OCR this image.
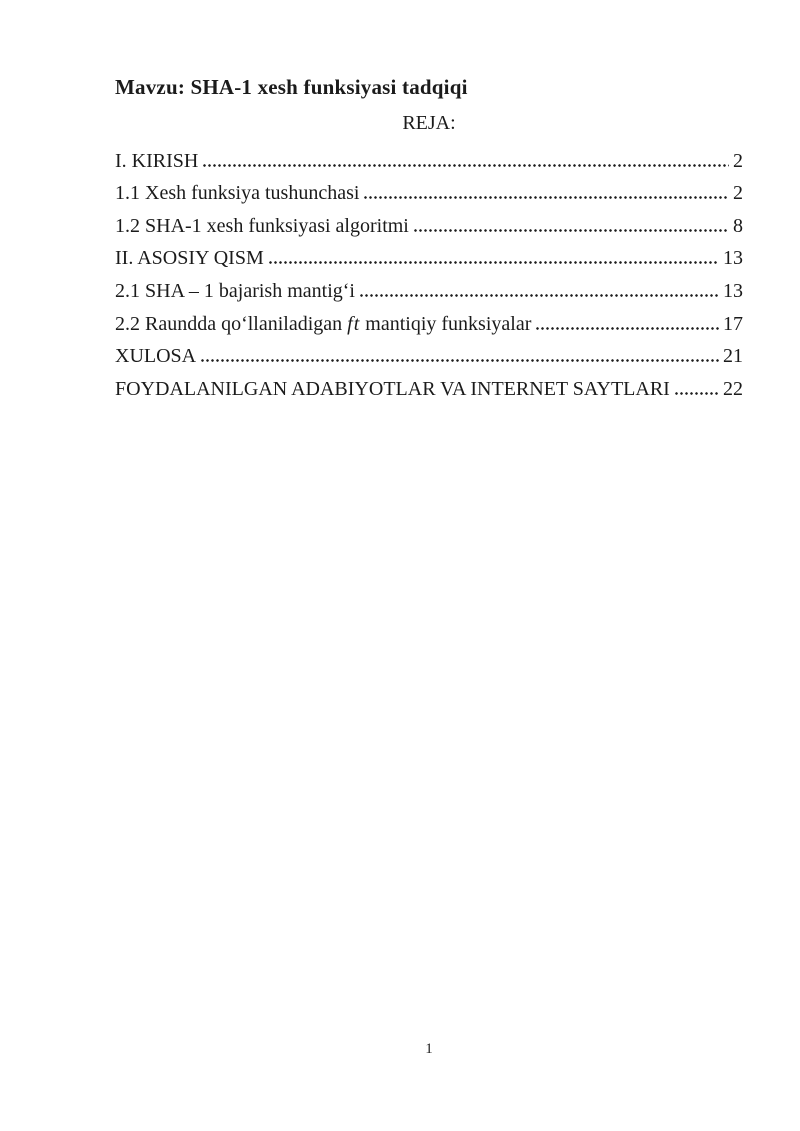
Mavzu: SHA-1 xesh funksiyasi tadqiqi
REJA:
I. KIRISH	2
1.1 Xesh funksiya tushunchasi	2
1.2 SHA-1 xesh funksiyasi algoritmi	8
II. ASOSIY QISM	13
2.1 SHA – 1 bajarish mantig‘i	13
2.2 Raundda qo‘llaniladigan ft mantiqiy funksiyalar	17
XULOSA	21
FOYDALANILGAN ADABIYOTLAR VA INTERNET SAYTLARI	22
1
